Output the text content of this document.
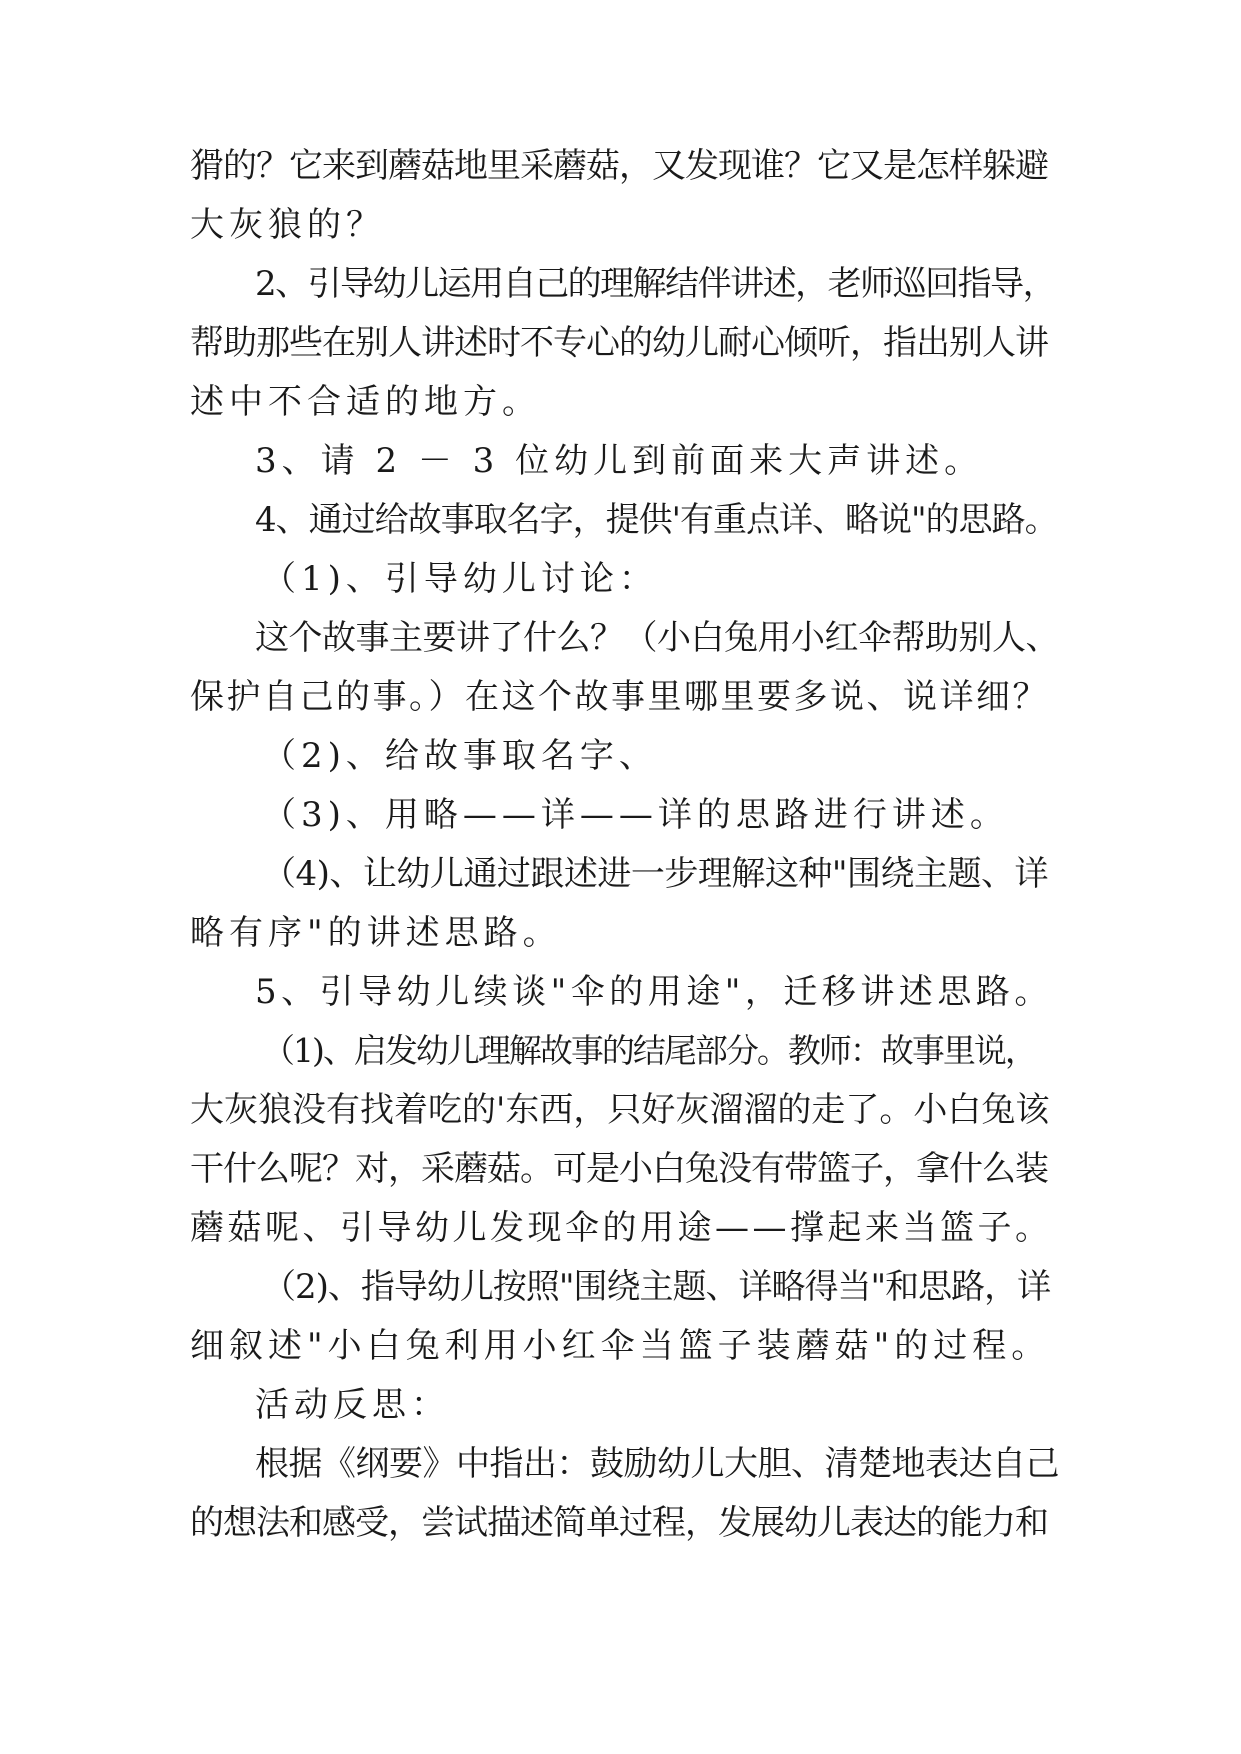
猾的？它来到蘑菇地里采蘑菇，又发现谁？它又是怎样躲避
大灰狼的？
2、引导幼儿运用自己的理解结伴讲述，老师巡回指导，
帮助那些在别人讲述时不专心的幼儿耐心倾听，指出别人讲
述中不合适的地方。
3、请 2 － 3 位幼儿到前面来大声讲述。
4、通过给故事取名字，提供'有重点详、略说"的思路。
（1)、引导幼儿讨论：
这个故事主要讲了什么？（小白兔用小红伞帮助别人、
保护自己的事。）在这个故事里哪里要多说、说详细？
（2)、给故事取名字、
（3)、用略——详——详的思路进行讲述。
（4)、让幼儿通过跟述进一步理解这种"围绕主题、详
略有序"的讲述思路。
5、引导幼儿续谈"伞的用途"，迁移讲述思路。
（1)、启发幼儿理解故事的结尾部分。教师：故事里说，
大灰狼没有找着吃的'东西，只好灰溜溜的走了。小白兔该
干什么呢？对，采蘑菇。可是小白兔没有带篮子，拿什么装
蘑菇呢、引导幼儿发现伞的用途——撑起来当篮子。
（2)、指导幼儿按照"围绕主题、详略得当"和思路，详
细叙述"小白兔利用小红伞当篮子装蘑菇"的过程。
活动反思：
根据《纲要》中指出：鼓励幼儿大胆、清楚地表达自己
的想法和感受，尝试描述简单过程，发展幼儿表达的能力和
